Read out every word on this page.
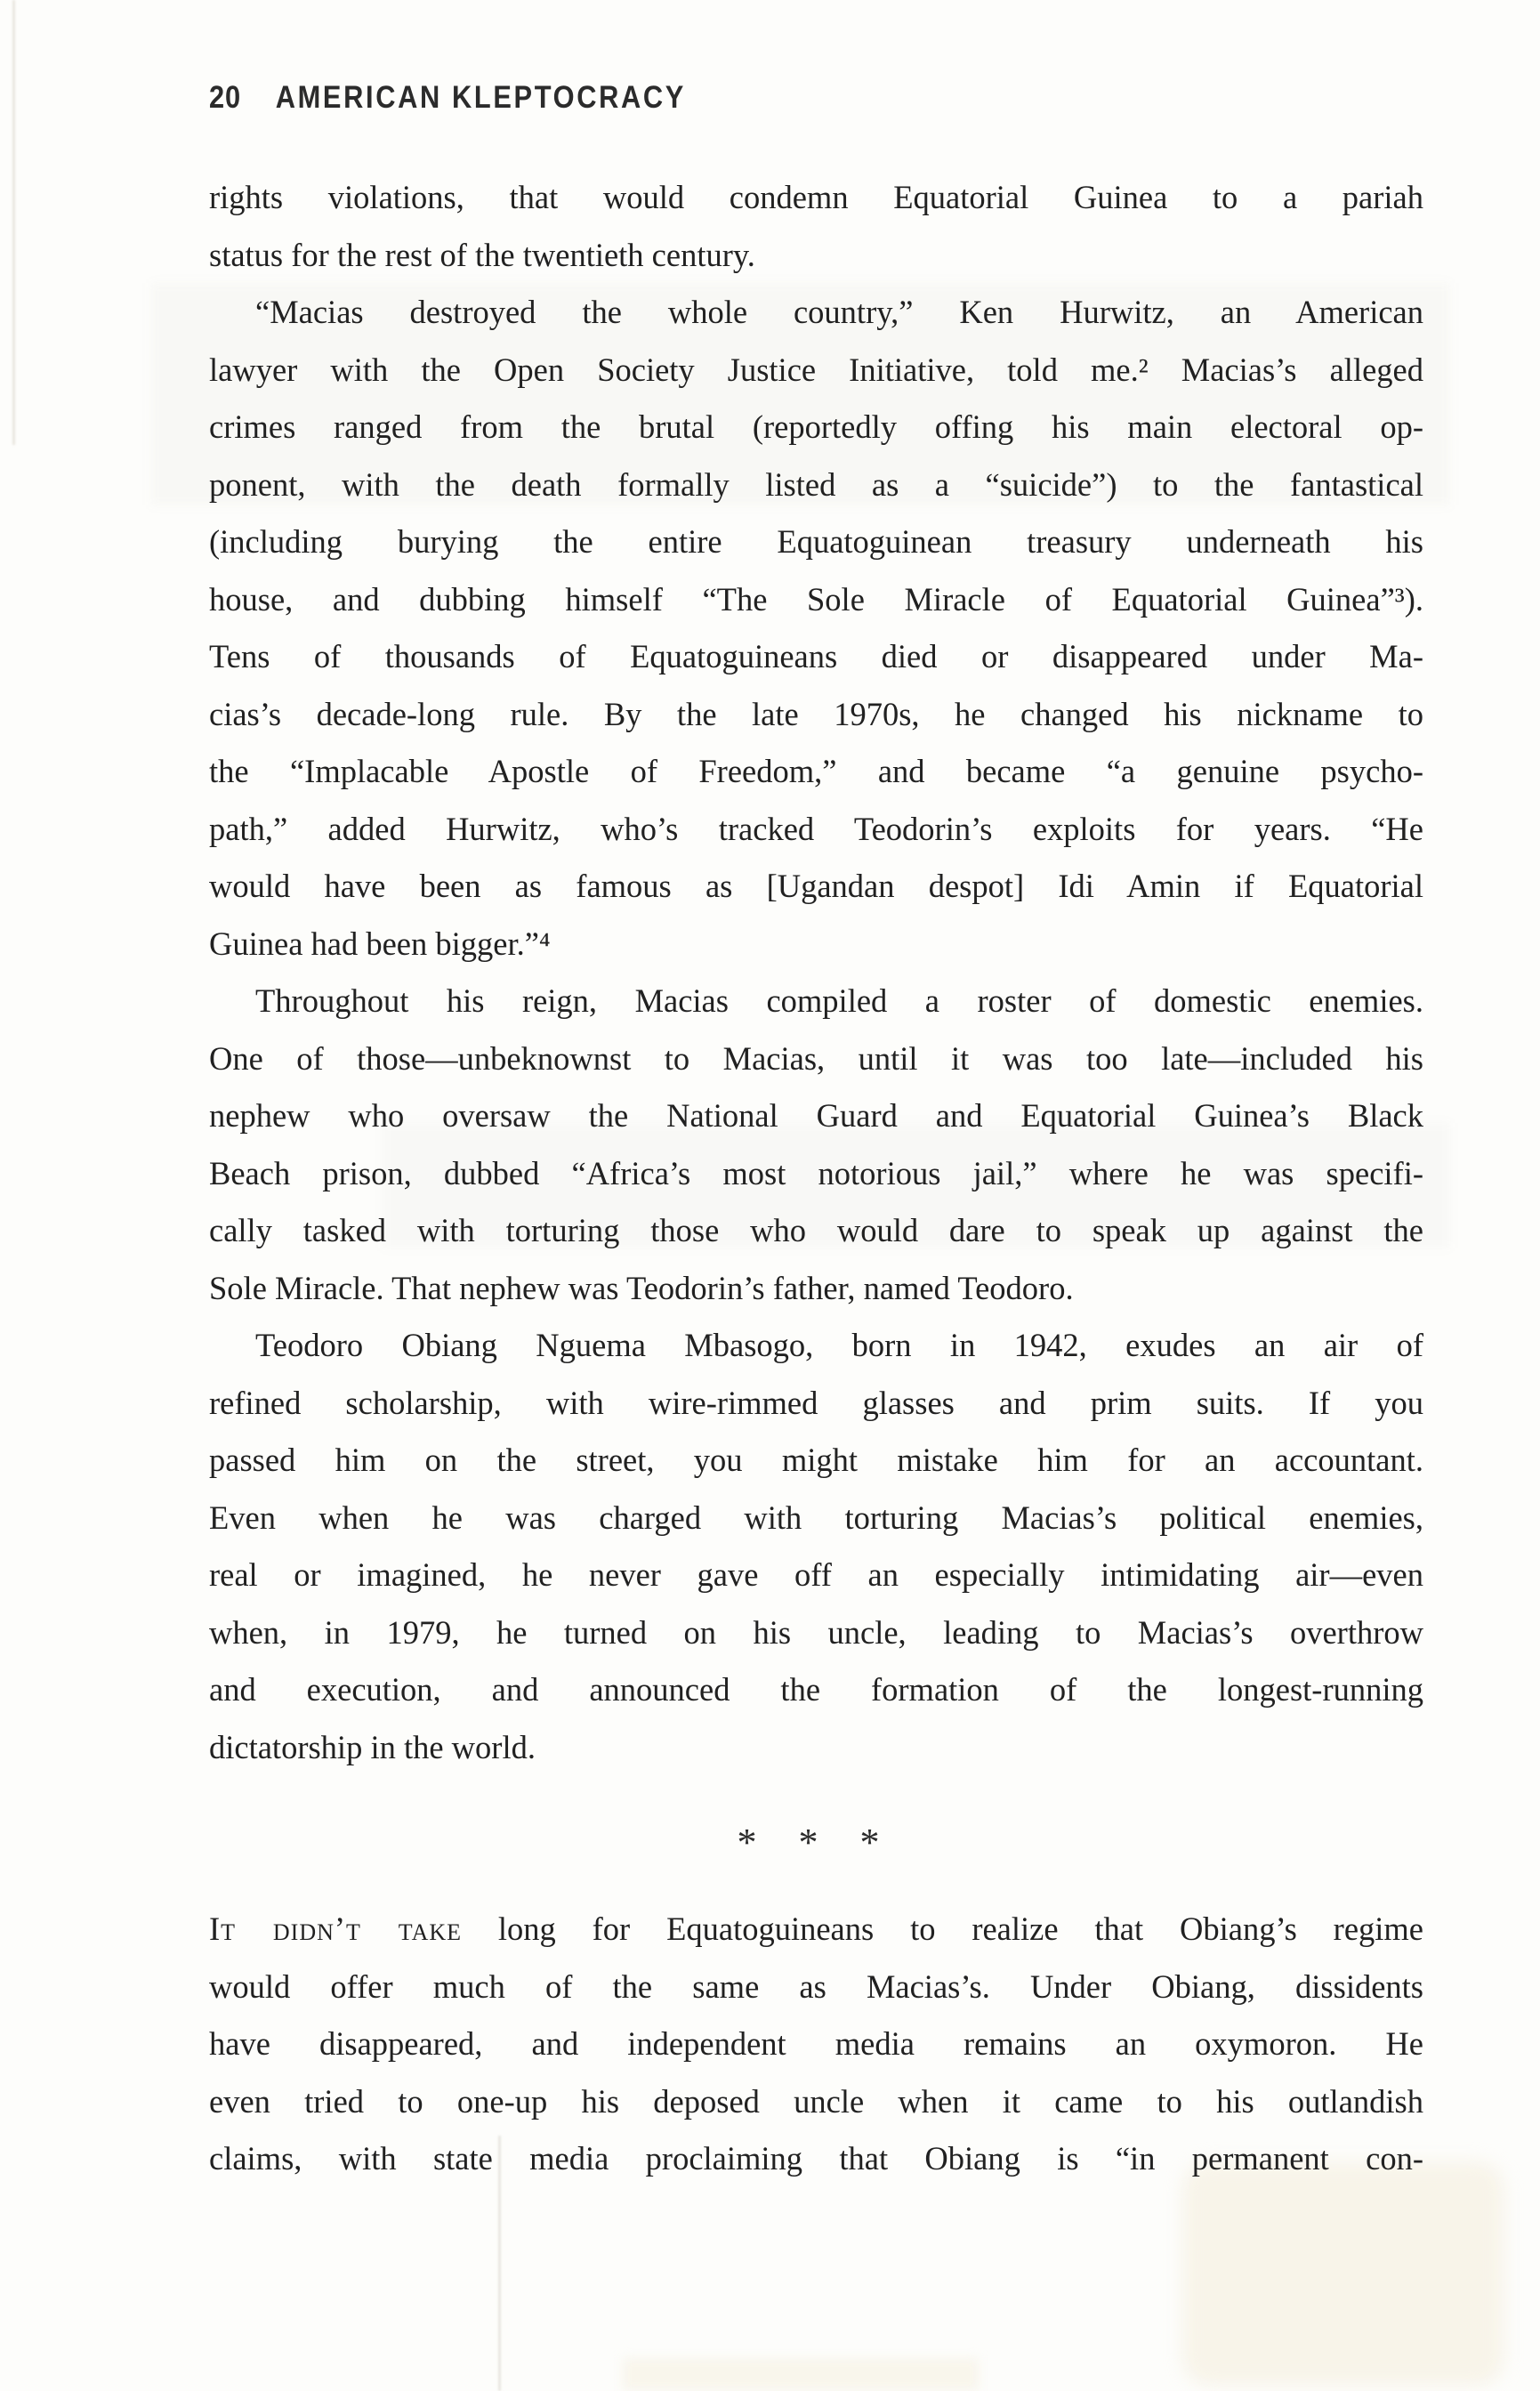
20 AMERICAN KLEPTOCRACY
rights violations, that would condemn Equatorial Guinea to a pariah
status for the rest of the twentieth century.
“Macias destroyed the whole country,” Ken Hurwitz, an American
lawyer with the Open Society Justice Initiative, told me.² Macias’s alleged
crimes ranged from the brutal (reportedly offing his main electoral op-
ponent, with the death formally listed as a “suicide”) to the fantastical
(including burying the entire Equatoguinean treasury underneath his
house, and dubbing himself “The Sole Miracle of Equatorial Guinea”³).
Tens of thousands of Equatoguineans died or disappeared under Ma-
cias’s decade-long rule. By the late 1970s, he changed his nickname to
the “Implacable Apostle of Freedom,” and became “a genuine psycho-
path,” added Hurwitz, who’s tracked Teodorin’s exploits for years. “He
would have been as famous as [Ugandan despot] Idi Amin if Equatorial
Guinea had been bigger.”⁴
Throughout his reign, Macias compiled a roster of domestic enemies.
One of those—unbeknownst to Macias, until it was too late—included his
nephew who oversaw the National Guard and Equatorial Guinea’s Black
Beach prison, dubbed “Africa’s most notorious jail,” where he was specifi-
cally tasked with torturing those who would dare to speak up against the
Sole Miracle. That nephew was Teodorin’s father, named Teodoro.
Teodoro Obiang Nguema Mbasogo, born in 1942, exudes an air of
refined scholarship, with wire-rimmed glasses and prim suits. If you
passed him on the street, you might mistake him for an accountant.
Even when he was charged with torturing Macias’s political enemies,
real or imagined, he never gave off an especially intimidating air—even
when, in 1979, he turned on his uncle, leading to Macias’s overthrow
and execution, and announced the formation of the longest-running
dictatorship in the world.
* * *
It didn’t take long for Equatoguineans to realize that Obiang’s regime
would offer much of the same as Macias’s. Under Obiang, dissidents
have disappeared, and independent media remains an oxymoron. He
even tried to one-up his deposed uncle when it came to his outlandish
claims, with state media proclaiming that Obiang is “in permanent con-
